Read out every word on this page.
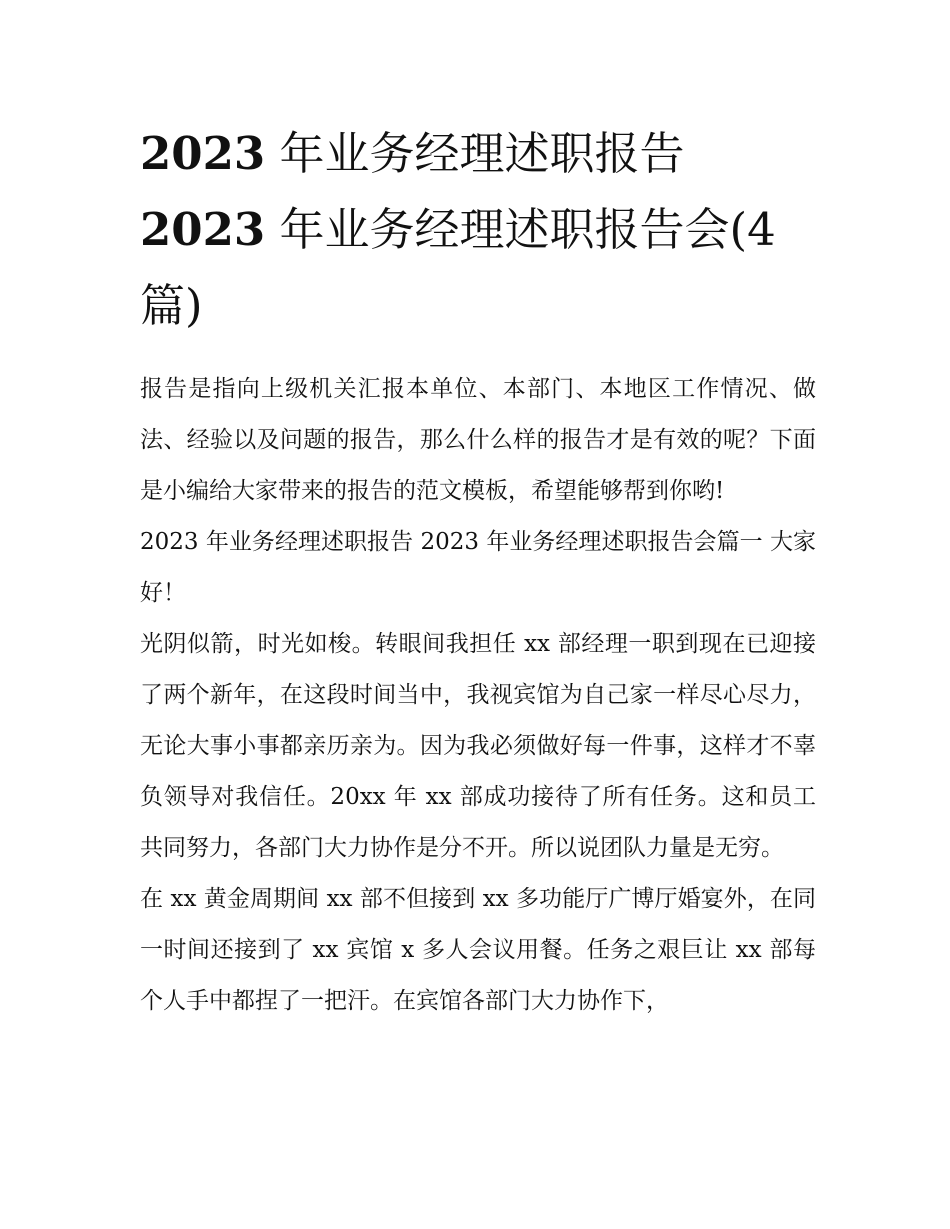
2023 年业务经理述职报告
2023 年业务经理述职报告会(4 篇)

报告是指向上级机关汇报本单位、本部门、本地区工作情况、做法、经验以及问题的报告，那么什么样的报告才是有效的呢？下面是小编给大家带来的报告的范文模板，希望能够帮到你哟!

2023 年业务经理述职报告 2023 年业务经理述职报告会篇一 大家好！

光阴似箭，时光如梭。转眼间我担任 xx 部经理一职到现在已迎接了两个新年，在这段时间当中，我视宾馆为自己家一样尽心尽力，无论大事小事都亲历亲为。因为我必须做好每一件事，这样才不辜负领导对我信任。20xx 年 xx 部成功接待了所有任务。这和员工共同努力，各部门大力协作是分不开。所以说团队力量是无穷。

在 xx 黄金周期间 xx 部不但接到 xx 多功能厅广博厅婚宴外，在同一时间还接到了 xx 宾馆 x 多人会议用餐。任务之艰巨让 xx 部每个人手中都捏了一把汗。在宾馆各部门大力协作下，
